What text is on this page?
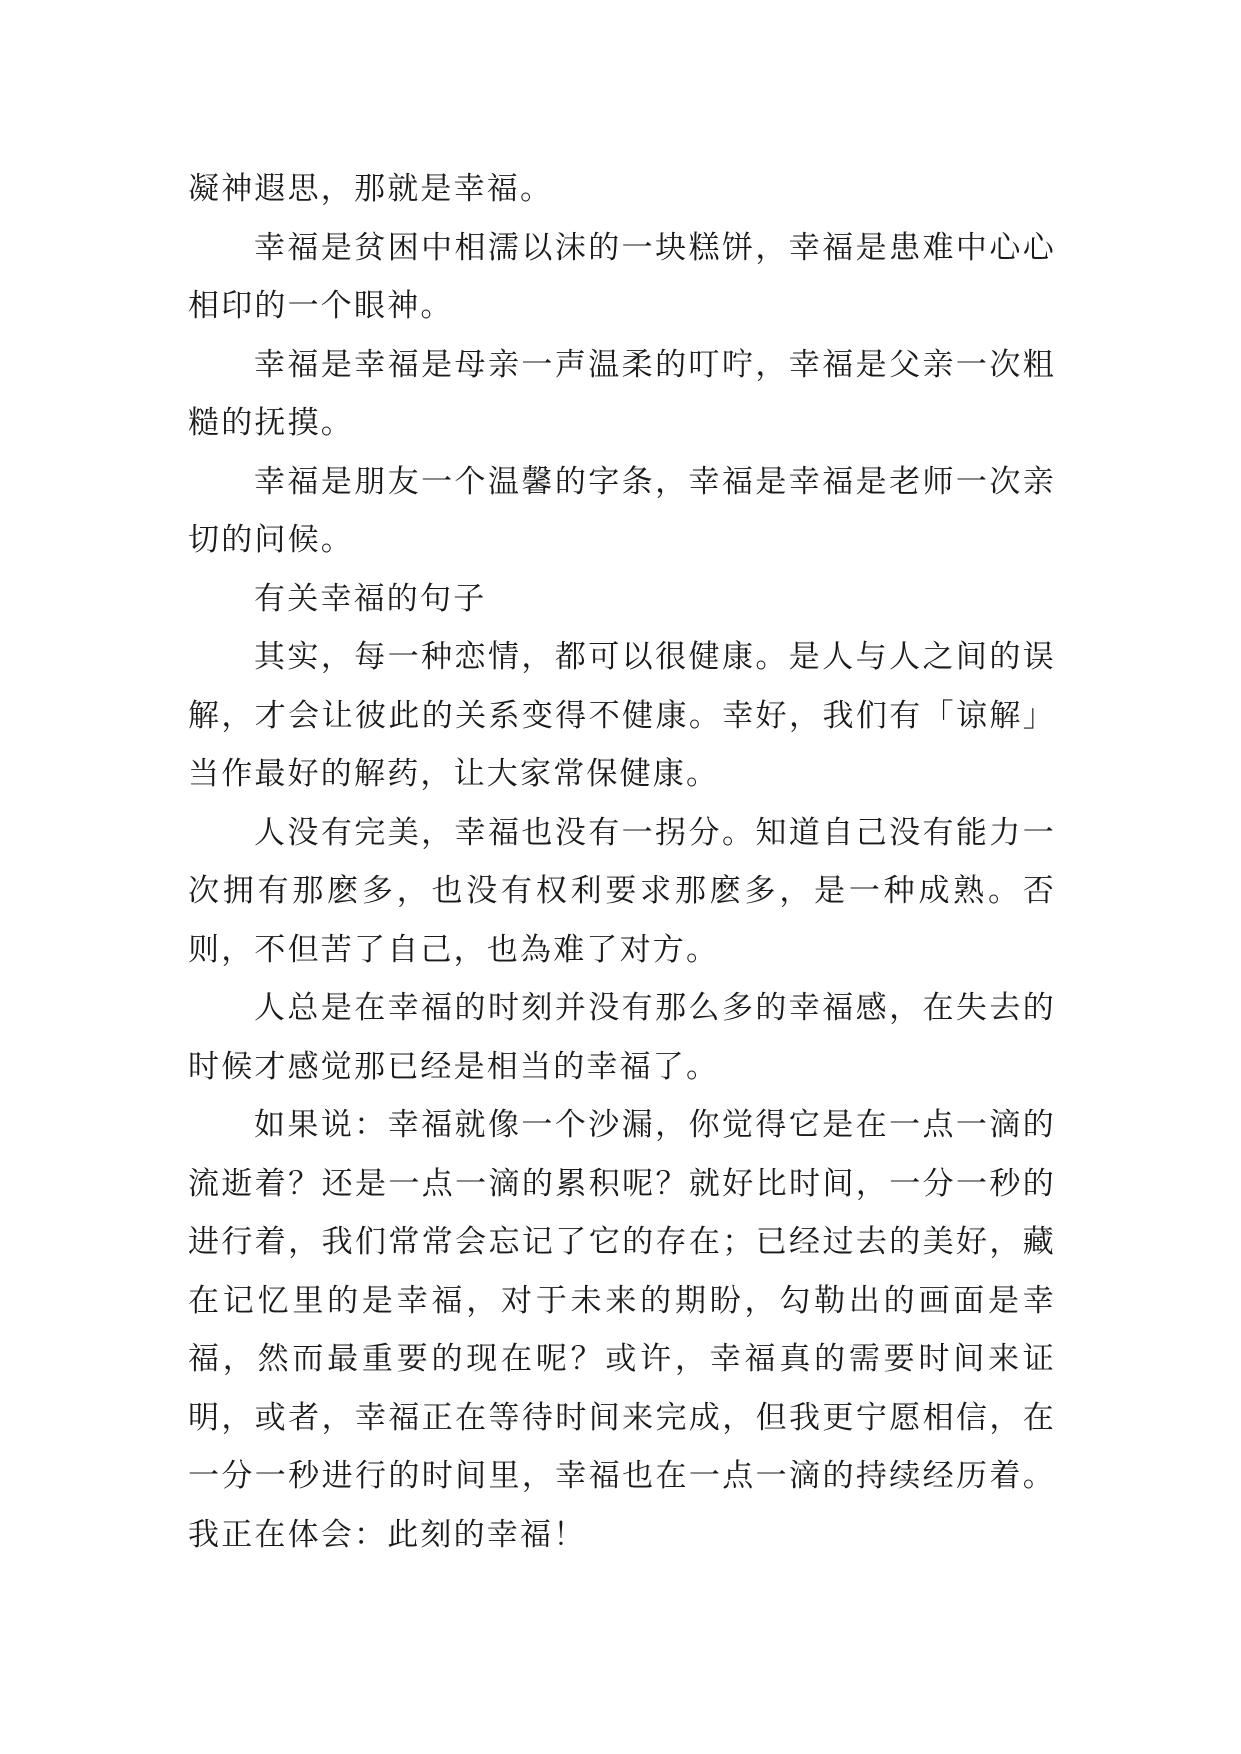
凝神遐思，那就是幸福。

幸福是贫困中相濡以沫的一块糕饼，幸福是患难中心心相印的一个眼神。

幸福是幸福是母亲一声温柔的叮咛，幸福是父亲一次粗糙的抚摸。

幸福是朋友一个温馨的字条，幸福是幸福是老师一次亲切的问候。

有关幸福的句子

其实，每一种恋情，都可以很健康。是人与人之间的误解，才会让彼此的关系变得不健康。幸好，我们有「谅解」当作最好的解药，让大家常保健康。

人没有完美，幸福也没有一拐分。知道自己没有能力一次拥有那麽多，也没有权利要求那麽多，是一种成熟。否则，不但苦了自己，也為难了对方。

人总是在幸福的时刻并没有那么多的幸福感，在失去的时候才感觉那已经是相当的幸福了。

如果说：幸福就像一个沙漏，你觉得它是在一点一滴的流逝着？还是一点一滴的累积呢？就好比时间，一分一秒的进行着，我们常常会忘记了它的存在；已经过去的美好，藏在记忆里的是幸福，对于未来的期盼，勾勒出的画面是幸福，然而最重要的现在呢？或许，幸福真的需要时间来证明，或者，幸福正在等待时间来完成，但我更宁愿相信，在一分一秒进行的时间里，幸福也在一点一滴的持续经历着。我正在体会：此刻的幸福！
